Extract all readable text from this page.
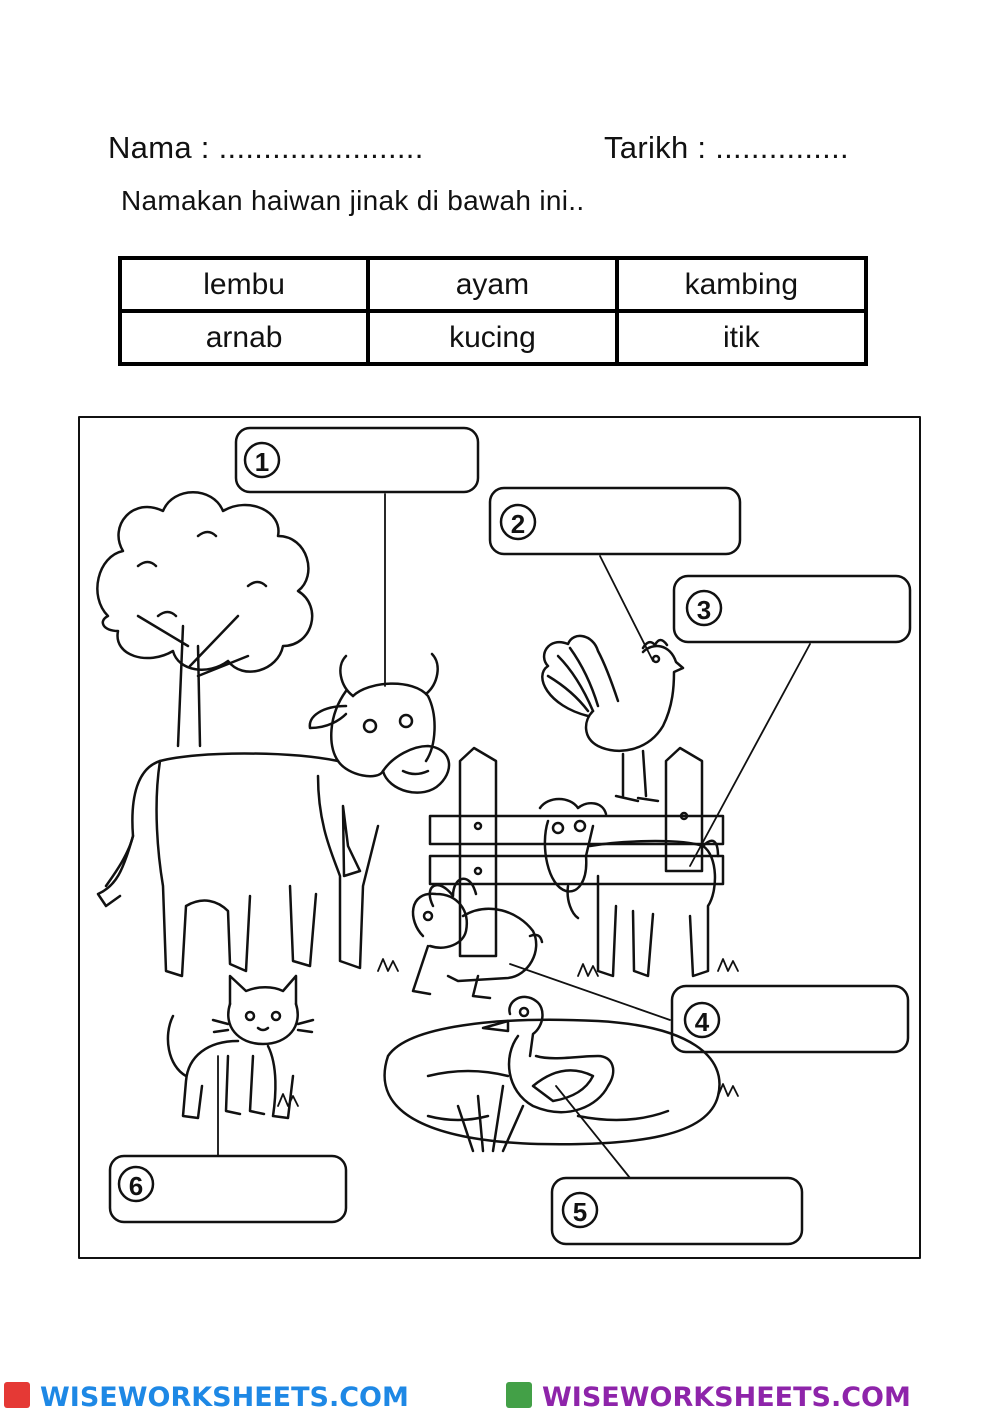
Nama : .......................	Tarikh : ...............
Namakan haiwan jinak di bawah ini..
lembu	ayam	kambing
arnab	kucing	itik
1
2
3
4
5
6
WISEWORKSHEETS.COM	WISEWORKSHEETS.COM
